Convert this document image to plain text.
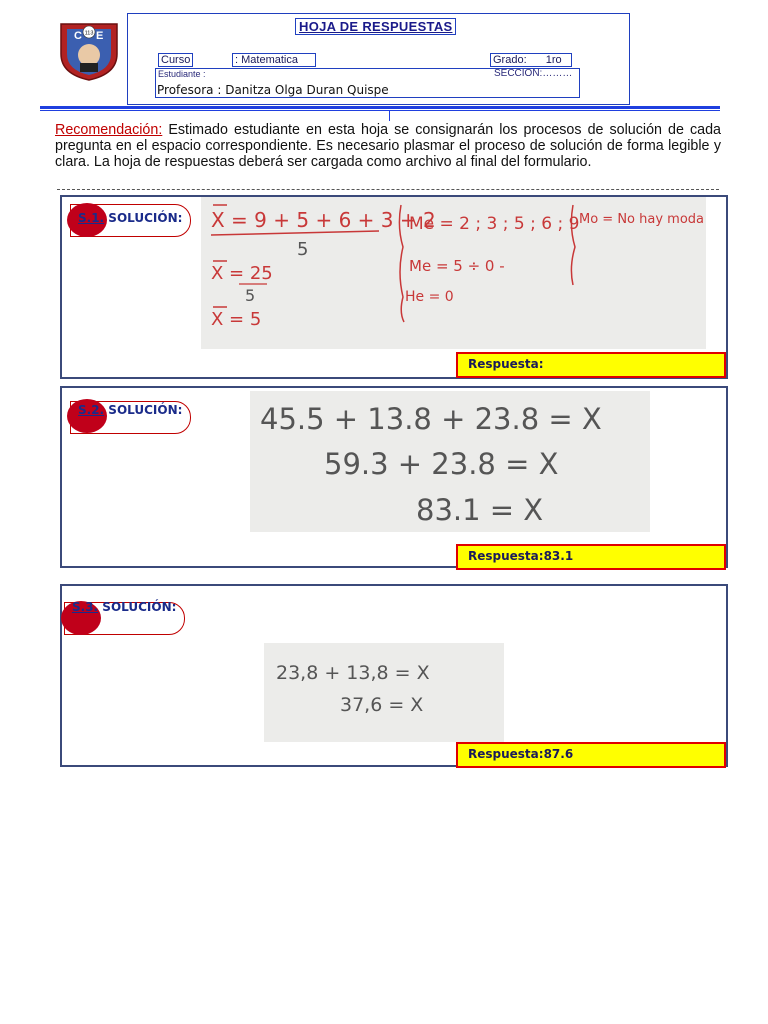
C E
113	HOJA DE RESPUESTAS
Curso	: Matematica	Grado: 1ro
Estudiante :	SECCION:………
Profesora : Danitza Olga Duran Quispe
Recomendación: Estimado estudiante en esta hoja se consignarán los procesos de solución de cada pregunta en el espacio correspondiente. Es necesario plasmar el proceso de solución de forma legible y clara. La hoja de respuestas deberá ser cargada como archivo al final del formulario.
S.1. SOLUCIÓN: X = 9 + 5 + 6 + 3 + 2
5
X = 25
5
X = 5
Me = 2 ; 3 ; 5 ; 6 ; 9
Me = 5 ÷ 0 -
He = 0
Mo = No hay moda
Respuesta:
S.2. SOLUCIÓN:	45.5 + 13.8 + 23.8 = X
59.3 + 23.8 = X
83.1 = X
Respuesta:83.1
S.3. SOLUCIÓN:
23,8 + 13,8 = X
37,6 = X
Respuesta:87.6
